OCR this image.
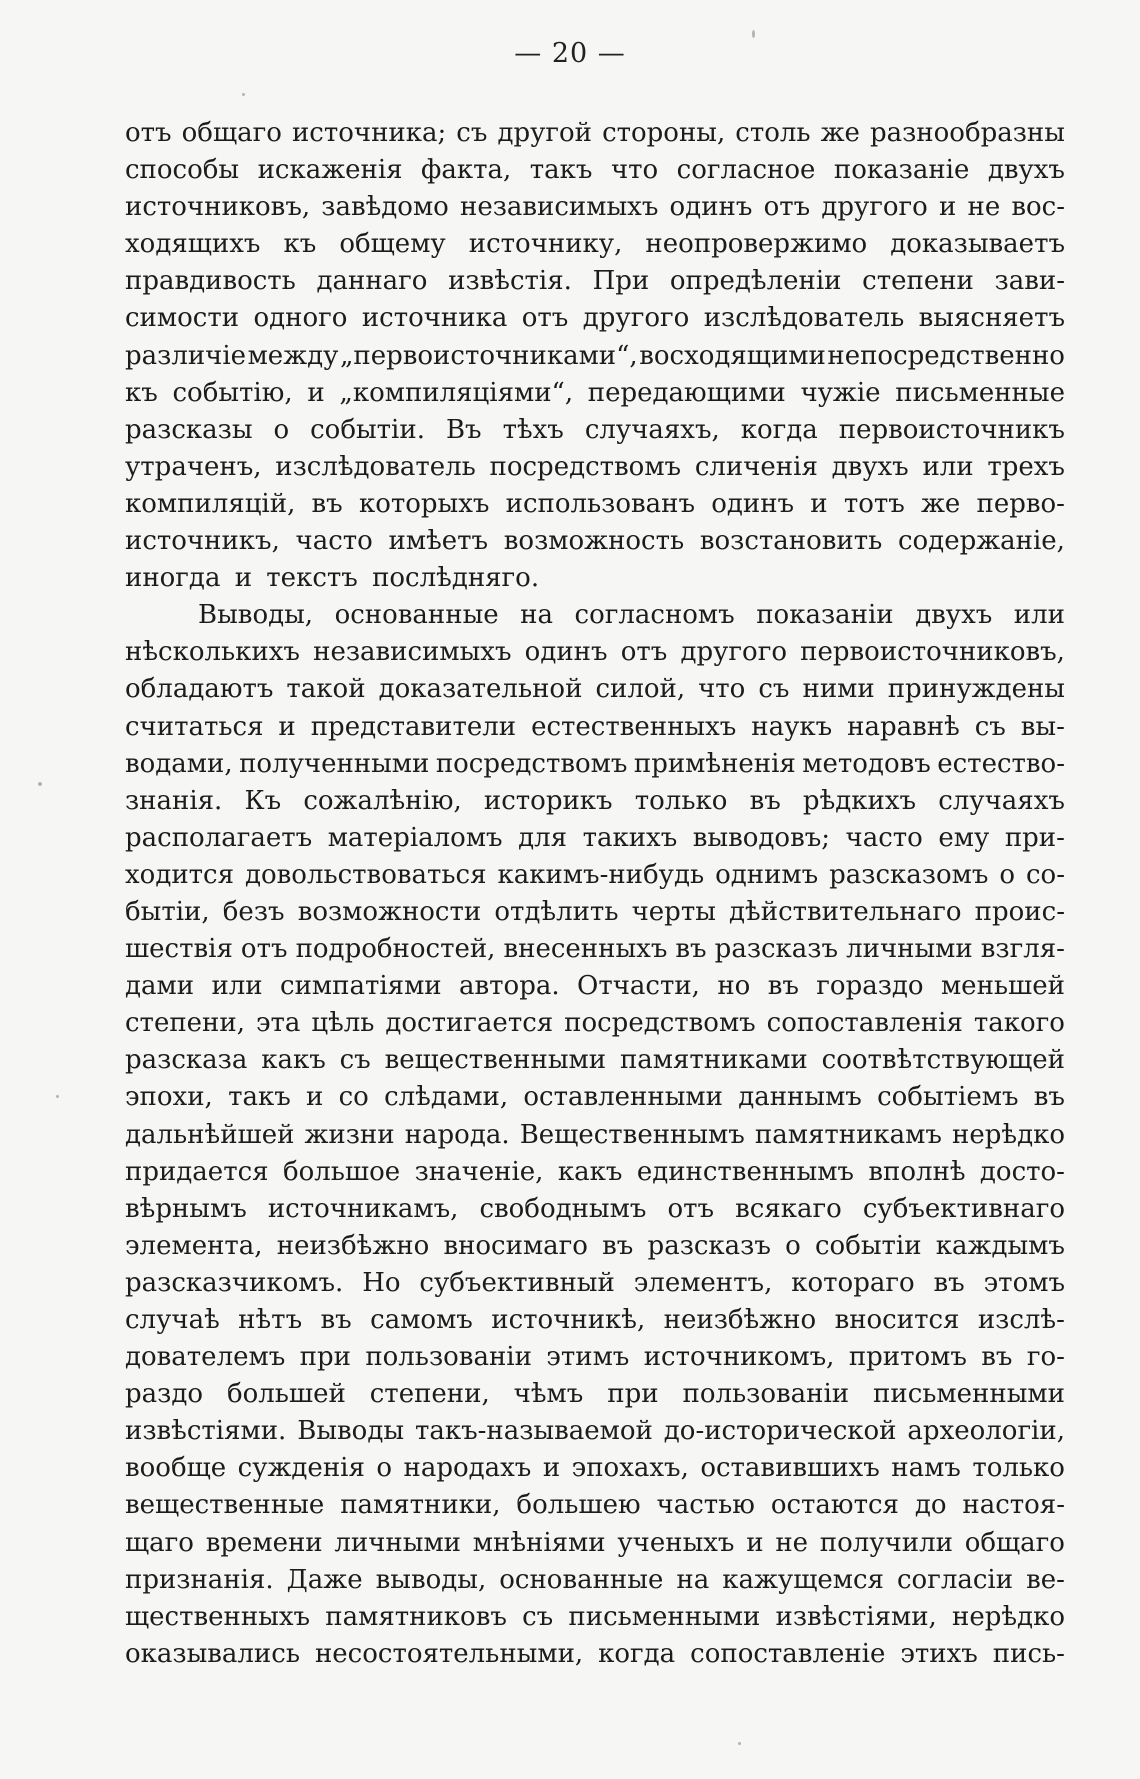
— 20 —
отъ общаго источника; съ другой стороны, столь же разнообразны
способы искаженія факта, такъ что согласное показаніе двухъ
источниковъ, завѣдомо независимыхъ одинъ отъ другого и не вос-
ходящихъ къ общему источнику, неопровержимо доказываетъ
правдивость даннаго извѣстія. При опредѣленіи степени зави-
симости одного источника отъ другого изслѣдователь выясняетъ
различіе между „первоисточниками“, восходящими непосредственно
къ событію, и „компиляціями“, передающими чужіе письменные
разсказы о событіи. Въ тѣхъ случаяхъ, когда первоисточникъ
утраченъ, изслѣдователь посредствомъ сличенія двухъ или трехъ
компиляцій, въ которыхъ использованъ одинъ и тотъ же перво-
источникъ, часто имѣетъ возможность возстановить содержаніе,
иногда и текстъ послѣдняго.
Выводы, основанные на согласномъ показаніи двухъ или
нѣсколькихъ независимыхъ одинъ отъ другого первоисточниковъ,
обладаютъ такой доказательной силой, что съ ними принуждены
считаться и представители естественныхъ наукъ наравнѣ съ вы-
водами, полученными посредствомъ примѣненія методовъ естество-
знанія. Къ сожалѣнію, историкъ только въ рѣдкихъ случаяхъ
располагаетъ матеріаломъ для такихъ выводовъ; часто ему при-
ходится довольствоваться какимъ-нибудь однимъ разсказомъ о со-
бытіи, безъ возможности отдѣлить черты дѣйствительнаго проис-
шествія отъ подробностей, внесенныхъ въ разсказъ личными взгля-
дами или симпатіями автора. Отчасти, но въ гораздо меньшей
степени, эта цѣль достигается посредствомъ сопоставленія такого
разсказа какъ съ вещественными памятниками соотвѣтствующей
эпохи, такъ и со слѣдами, оставленными даннымъ событіемъ въ
дальнѣйшей жизни народа. Вещественнымъ памятникамъ нерѣдко
придается большое значеніе, какъ единственнымъ вполнѣ досто-
вѣрнымъ источникамъ, свободнымъ отъ всякаго субъективнаго
элемента, неизбѣжно вносимаго въ разсказъ о событіи каждымъ
разсказчикомъ. Но субъективный элементъ, котораго въ этомъ
случаѣ нѣтъ въ самомъ источникѣ, неизбѣжно вносится изслѣ-
дователемъ при пользованіи этимъ источникомъ, притомъ въ го-
раздо большей степени, чѣмъ при пользованіи письменными
извѣстіями. Выводы такъ-называемой до-исторической археологіи,
вообще сужденія о народахъ и эпохахъ, оставившихъ намъ только
вещественные памятники, большею частью остаются до настоя-
щаго времени личными мнѣніями ученыхъ и не получили общаго
признанія. Даже выводы, основанные на кажущемся согласіи ве-
щественныхъ памятниковъ съ письменными извѣстіями, нерѣдко
оказывались несостоятельными, когда сопоставленіе этихъ пись-
